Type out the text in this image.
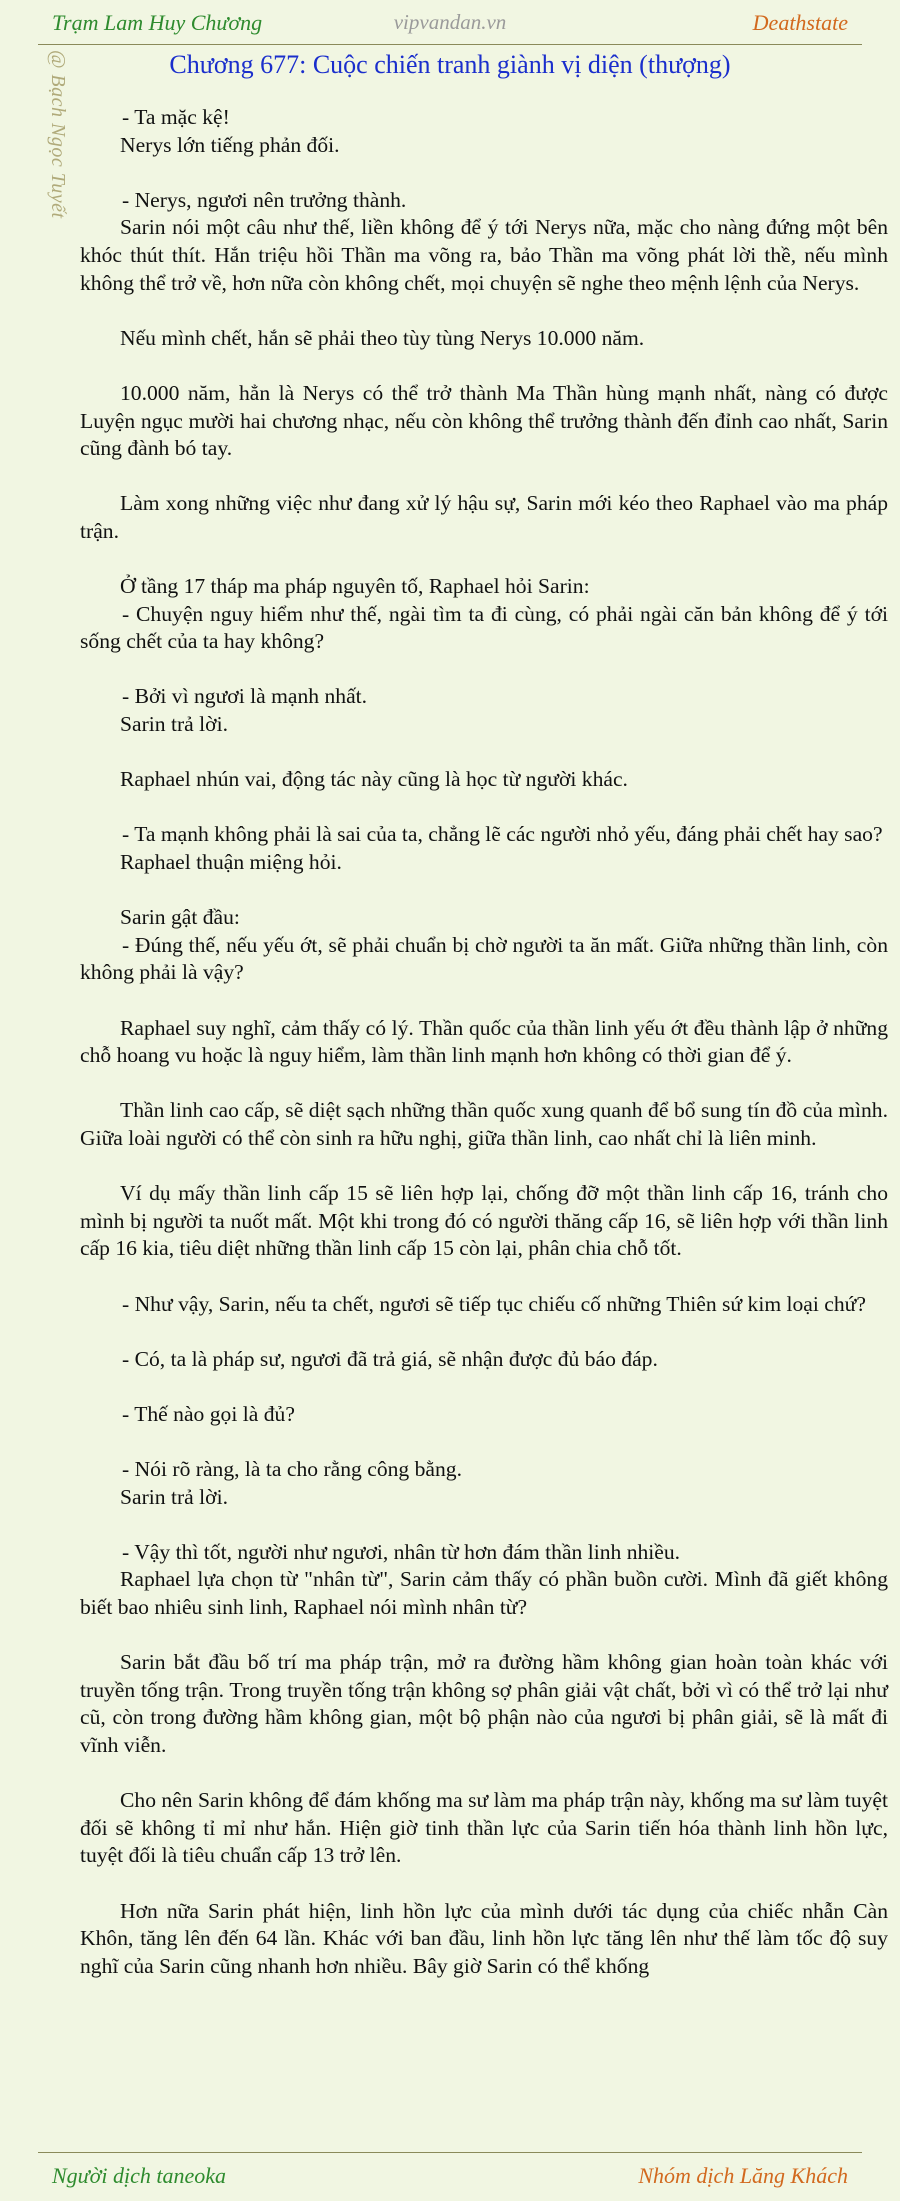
Trạm Lam Huy Chương	vipvandan.vn	Deathstate
@ Bạch Ngọc Tuyết	Chương 677: Cuộc chiến tranh giành vị diện (thượng)

- Ta mặc kệ!

Nerys lớn tiếng phản đối.

- Nerys, ngươi nên trưởng thành.

Sarin nói một câu như thế, liền không để ý tới Nerys nữa, mặc cho nàng đứng một bên khóc thút thít. Hắn triệu hồi Thần ma võng ra, bảo Thần ma võng phát lời thề, nếu mình không thể trở về, hơn nữa còn không chết, mọi chuyện sẽ nghe theo mệnh lệnh của Nerys.

Nếu mình chết, hắn sẽ phải theo tùy tùng Nerys 10.000 năm.

10.000 năm, hẳn là Nerys có thể trở thành Ma Thần hùng mạnh nhất, nàng có được Luyện ngục mười hai chương nhạc, nếu còn không thể trưởng thành đến đỉnh cao nhất, Sarin cũng đành bó tay.

Làm xong những việc như đang xử lý hậu sự, Sarin mới kéo theo Raphael vào ma pháp trận.

Ở tầng 17 tháp ma pháp nguyên tố, Raphael hỏi Sarin:

- Chuyện nguy hiểm như thế, ngài tìm ta đi cùng, có phải ngài căn bản không để ý tới sống chết của ta hay không?

- Bởi vì ngươi là mạnh nhất.

Sarin trả lời.

Raphael nhún vai, động tác này cũng là học từ người khác.

- Ta mạnh không phải là sai của ta, chẳng lẽ các người nhỏ yếu, đáng phải chết hay sao?

Raphael thuận miệng hỏi.

Sarin gật đầu:

- Đúng thế, nếu yếu ớt, sẽ phải chuẩn bị chờ người ta ăn mất. Giữa những thần linh, còn không phải là vậy?

Raphael suy nghĩ, cảm thấy có lý. Thần quốc của thần linh yếu ớt đều thành lập ở những chỗ hoang vu hoặc là nguy hiểm, làm thần linh mạnh hơn không có thời gian để ý.

Thần linh cao cấp, sẽ diệt sạch những thần quốc xung quanh để bổ sung tín đồ của mình. Giữa loài người có thể còn sinh ra hữu nghị, giữa thần linh, cao nhất chỉ là liên minh.

Ví dụ mấy thần linh cấp 15 sẽ liên hợp lại, chống đỡ một thần linh cấp 16, tránh cho mình bị người ta nuốt mất. Một khi trong đó có người thăng cấp 16, sẽ liên hợp với thần linh cấp 16 kia, tiêu diệt những thần linh cấp 15 còn lại, phân chia chỗ tốt.

- Như vậy, Sarin, nếu ta chết, ngươi sẽ tiếp tục chiếu cố những Thiên sứ kim loại chứ?

- Có, ta là pháp sư, ngươi đã trả giá, sẽ nhận được đủ báo đáp.

- Thế nào gọi là đủ?

- Nói rõ ràng, là ta cho rằng công bằng.

Sarin trả lời.

- Vậy thì tốt, người như ngươi, nhân từ hơn đám thần linh nhiều.

Raphael lựa chọn từ "nhân từ", Sarin cảm thấy có phần buồn cười. Mình đã giết không biết bao nhiêu sinh linh, Raphael nói mình nhân từ?

Sarin bắt đầu bố trí ma pháp trận, mở ra đường hầm không gian hoàn toàn khác với truyền tống trận. Trong truyền tống trận không sợ phân giải vật chất, bởi vì có thể trở lại như cũ, còn trong đường hầm không gian, một bộ phận nào của ngươi bị phân giải, sẽ là mất đi vĩnh viễn.

Cho nên Sarin không để đám khống ma sư làm ma pháp trận này, khống ma sư làm tuyệt đối sẽ không tỉ mỉ như hắn. Hiện giờ tinh thần lực của Sarin tiến hóa thành linh hồn lực, tuyệt đối là tiêu chuẩn cấp 13 trở lên.

Hơn nữa Sarin phát hiện, linh hồn lực của mình dưới tác dụng của chiếc nhẫn Càn Khôn, tăng lên đến 64 lần. Khác với ban đầu, linh hồn lực tăng lên như thế làm tốc độ suy nghĩ của Sarin cũng nhanh hơn nhiều. Bây giờ Sarin có thể khống

Người dịch taneoka	Nhóm dịch Lăng Khách
